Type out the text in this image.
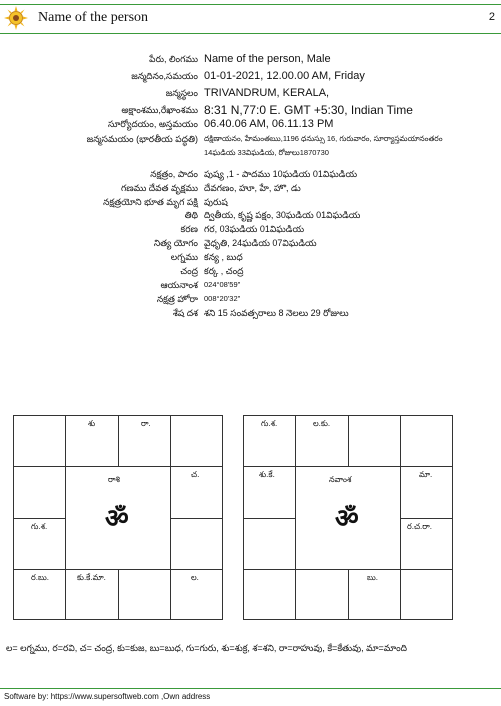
Name of the person	2
పేరు, లింగము Name of the person, Male
జన్మదినం,సమయం 01-01-2021, 12.00.00 AM, Friday
జన్మస్థలం TRIVANDRUM, KERALA,
అక్షాంశము,రేఖాంశము 8:31 N,77:0 E. GMT +5:30, Indian Time
సూర్యోదయం, అస్తమయం 06.40.06 AM, 06.11.13 PM
జన్మసమయం (భారతీయ పద్ధతి) దక్షిణాయనం, హేమంతఋ,1196 ధనుస్సు 16, గురువారం, సూర్యాస్తమయానంతరం
14ఘడియ 33విఘడియ, రోజులు1870730
నక్షత్రం, పాదం పుష్య ,1 - పాదము 10ఘడియ 01విఘడియ
గణము దేవత వృక్షము దేవగణం, హూ, హే, హొ, డు
నక్షత్రయోని భూత మృగ పక్షి పురుష
తిథి ద్వితీయ, కృష్ణ పక్షం, 30ఘడియ 01విఘడియ
కరణ గర, 03ఘడియ 01విఘడియ
నిత్య యోగం వైధృతి, 24ఘడియ 07విఘడియ
లగ్నము కన్య , బుధ
చంద్ర కర్క , చంద్ర
ఆయనాంశ 024°08'59"
నక్షత్ర హోరా 008°20'32"
శేష దశ శని 15 సంవత్సరాలు 8 నెలలు 29 రోజులు
శు	రా.
చ.
గు.శ.
ర.బు.	కు.కే.మా.	ల.
రాశి
ॐ
గు.శ.	ల.కు.
శు.కే.	మా.
ర.చ.రా.
బు.
నవాంశ
ॐ
ల= లగ్నము, ర=రవి, చ= చంద్ర, కు=కుజ, బు=బుధ, గు=గురు, శు=శుక్ర, శ=శని, రా=రాహువు, కే=కేతువు, మా=మాంది
Software by: https://www.supersoftweb.com ,Own address
